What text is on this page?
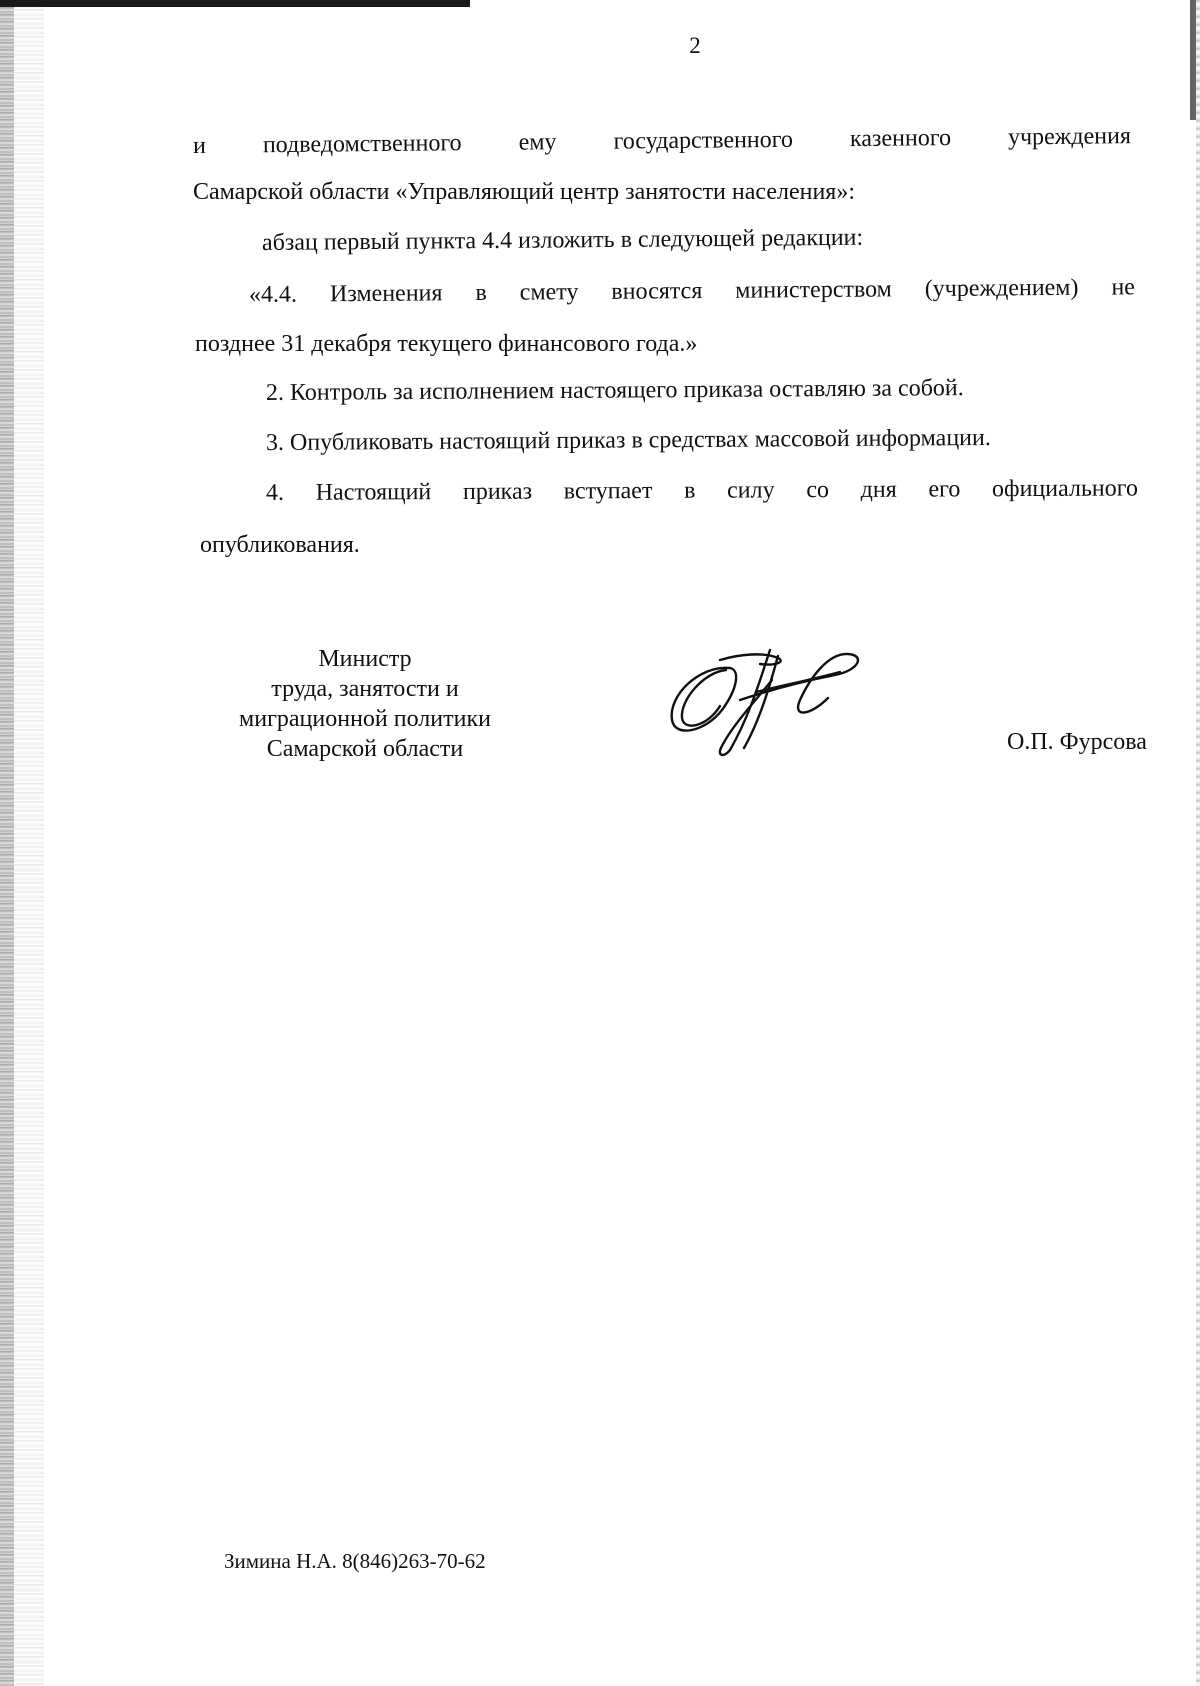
2
и подведомственного ему государственного казенного учреждения
Самарской области «Управляющий центр занятости населения»:
абзац первый пункта 4.4 изложить в следующей редакции:
«4.4. Изменения в смету вносятся министерством (учреждением) не
позднее 31 декабря текущего финансового года.»
2. Контроль за исполнением настоящего приказа оставляю за собой.
3. Опубликовать настоящий приказ в средствах массовой информации.
4. Настоящий приказ вступает в силу со дня его официального
опубликования.
Министр
труда, занятости и
миграционной политики
Самарской области	О.П. Фурсова
Зимина Н.А. 8(846)263-70-62
